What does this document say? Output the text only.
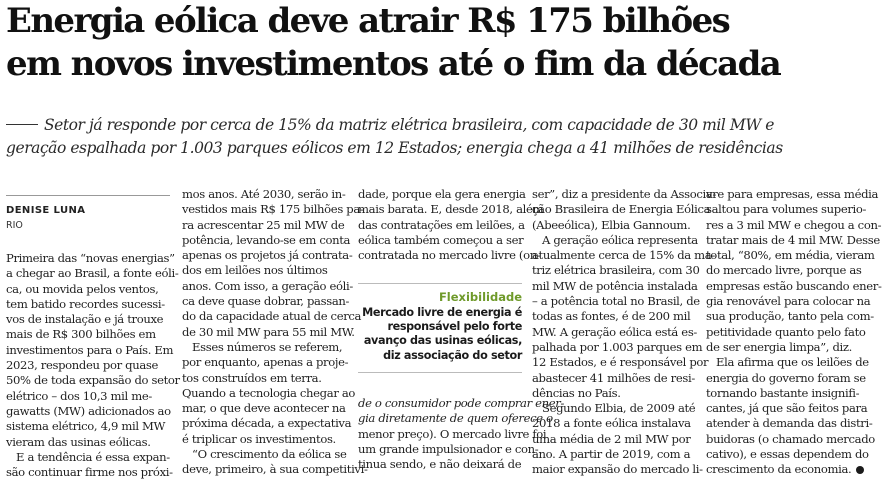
Energia eólica deve atrair R$ 175 bilhões
em novos investimentos até o fim da década
Setor já responde por cerca de 15% da matriz elétrica brasileira, com capacidade de 30 mil MW e
geração espalhada por 1.003 parques eólicos em 12 Estados; energia chega a 41 milhões de residências
DENISE LUNA
RIO
Primeira das “novas energias”
a chegar ao Brasil, a fonte eóli-
ca, ou movida pelos ventos,
tem batido recordes sucessi-
vos de instalação e já trouxe
mais de R$ 300 bilhões em
investimentos para o País. Em
2023, respondeu por quase
50% de toda expansão do setor
elétrico – dos 10,3 mil me-
gawatts (MW) adicionados ao
sistema elétrico, 4,9 mil MW
vieram das usinas eólicas.
E a tendência é essa expan-
são continuar firme nos próxi-
mos anos. Até 2030, serão in-
vestidos mais R$ 175 bilhões pa-
ra acrescentar 25 mil MW de
potência, levando-se em conta
apenas os projetos já contrata-
dos em leilões nos últimos
anos. Com isso, a geração eóli-
ca deve quase dobrar, passan-
do da capacidade atual de cerca
de 30 mil MW para 55 mil MW.
Esses números se referem,
por enquanto, apenas a proje-
tos construídos em terra.
Quando a tecnologia chegar ao
mar, o que deve acontecer na
próxima década, a expectativa
é triplicar os investimentos.
“O crescimento da eólica se
deve, primeiro, à sua competitivi-
dade, porque ela gera energia
mais barata. E, desde 2018, além
das contratações em leilões, a
eólica também começou a ser
contratada no mercado livre (on-
Flexibilidade
Mercado livre de energia é
responsável pelo forte
avanço das usinas eólicas,
diz associação do setor
de o consumidor pode comprar ener-
gia diretamente de quem oferece o
menor preço). O mercado livre foi
um grande impulsionador e con-
tinua sendo, e não deixará de
ser”, diz a presidente da Associa-
ção Brasileira de Energia Eólica
(Abeeólica), Elbia Gannoum.
A geração eólica representa
atualmente cerca de 15% da ma-
triz elétrica brasileira, com 30
mil MW de potência instalada
– a potência total no Brasil, de
todas as fontes, é de 200 mil
MW. A geração eólica está es-
palhada por 1.003 parques em
12 Estados, e é responsável por
abastecer 41 milhões de resi-
dências no País.
Segundo Elbia, de 2009 até
2018 a fonte eólica instalava
uma média de 2 mil MW por
ano. A partir de 2019, com a
maior expansão do mercado li-
vre para empresas, essa média
saltou para volumes superio-
res a 3 mil MW e chegou a con-
tratar mais de 4 mil MW. Desse
total, “80%, em média, vieram
do mercado livre, porque as
empresas estão buscando ener-
gia renovável para colocar na
sua produção, tanto pela com-
petitividade quanto pelo fato
de ser energia limpa”, diz.
Ela afirma que os leilões de
energia do governo foram se
tornando bastante insignifi-
cantes, já que são feitos para
atender à demanda das distri-
buidoras (o chamado mercado
cativo), e essas dependem do
crescimento da economia.
